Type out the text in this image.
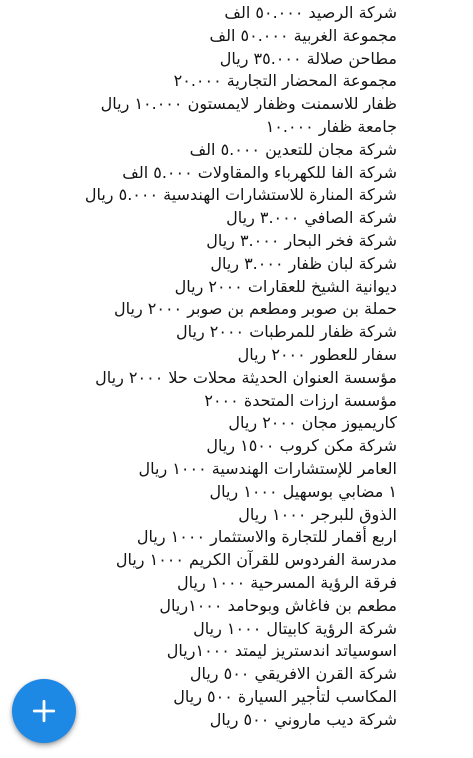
شركة الرصيد ٥٠.٠٠٠ الف
مجموعة الغربية ٥٠.٠٠٠ الف
مطاحن صلالة ٣٥.٠٠٠ ريال
مجموعة المحضار التجارية ٢٠.٠٠٠
ظفار للاسمنت وظفار لايمستون ١٠.٠٠٠ ريال
جامعة ظفار ١٠.٠٠٠
شركة مجان للتعدين ٥.٠٠٠ الف
شركة الفا للكهرباء والمقاولات ٥.٠٠٠ الف
شركة المنارة للاستشارات الهندسية ٥.٠٠٠ ريال
شركة الصافي ٣.٠٠٠ ريال
شركة فخر البحار ٣.٠٠٠ ريال
شركة لبان ظفار ٣.٠٠٠ ريال
ديوانية الشيخ للعقارات ٢٠٠٠ ريال
حملة بن صوبر ومطعم بن صوبر ٢٠٠٠ ريال
شركة ظفار للمرطبات ٢٠٠٠ ريال
سفار للعطور ٢٠٠٠ ريال
مؤسسة العنوان الحديثة محلات حلا ٢٠٠٠ ريال
مؤسسة ارزات المتحدة ٢٠٠٠
كاريميوز مجان ٢٠٠٠ ريال
شركة مكن كروب ١٥٠٠ ريال
العامر للإستشارات الهندسية ١٠٠٠ ريال
١ مضابي بوسهيل ١٠٠٠ ريال
الذوق للبرجر ١٠٠٠ ريال
اربع أقمار للتجارة والاستثمار ١٠٠٠ ريال
مدرسة الفردوس للقرآن الكريم ١٠٠٠ ريال
فرقة الرؤية المسرحية ١٠٠٠ ريال
مطعم بن فاغاش وبوحامد ١٠٠٠ريال
شركة الرؤية كابيتال ١٠٠٠ ريال
اسوسياتد اندستريز ليمتد ١٠٠٠ريال
شركة القرن الافريقي ٥٠٠ ريال
المكاسب لتأجير السيارة ٥٠٠ ريال
شركة ديب ماروني ٥٠٠ ريال
